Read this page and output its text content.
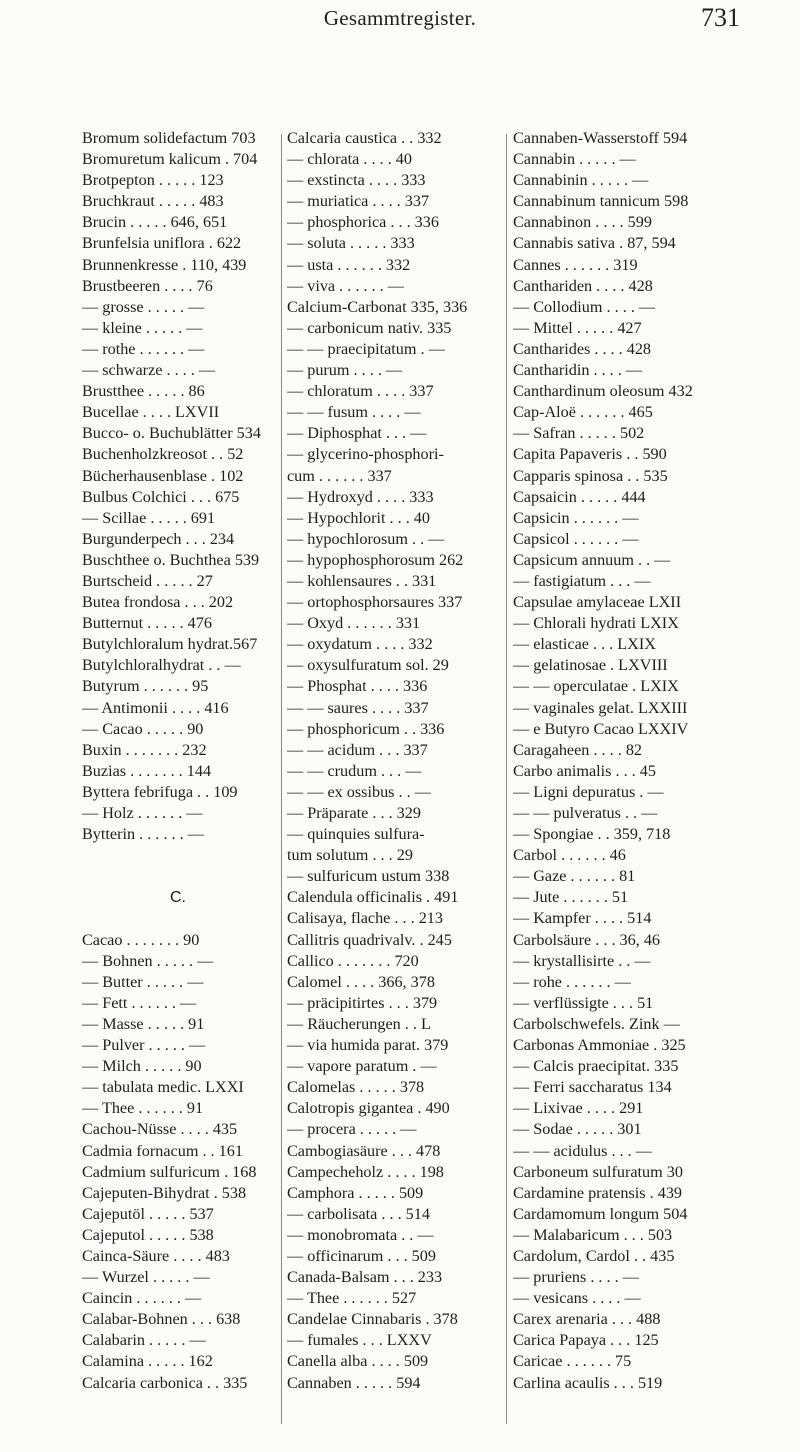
Gesammtregister.	731
Bromum solidefactum 703
Bromuretum kalicum . 704
Brotpepton . . . . . 123
Bruchkraut . . . . . 483
Brucin . . . . . 646, 651
Brunfelsia uniflora . 622
Brunnenkresse . 110, 439
Brustbeeren . . . . 76
— grosse . . . . . —
— kleine . . . . . —
— rothe . . . . . . —
— schwarze . . . . —
Brustthee . . . . . 86
Bucellae . . . . LXVII
Bucco- o. Buchublätter 534
Buchenholzkreosot . . 52
Bücherhausenblase . 102
Bulbus Colchici . . . 675
— Scillae . . . . . 691
Burgunderpech . . . 234
Buschthee o. Buchthea 539
Burtscheid . . . . . 27
Butea frondosa . . . 202
Butternut . . . . . 476
Butylchloralum hydrat.567
Butylchloralhydrat . . —
Butyrum . . . . . . 95
— Antimonii . . . . 416
— Cacao . . . . . 90
Buxin . . . . . . . 232
Buzias . . . . . . . 144
Byttera febrifuga . . 109
— Holz . . . . . . —
Bytterin . . . . . . —
C.
Cacao . . . . . . . 90
— Bohnen . . . . . —
— Butter . . . . . —
— Fett . . . . . . —
— Masse . . . . . 91
— Pulver . . . . . —
— Milch . . . . . 90
— tabulata medic. LXXI
— Thee . . . . . . 91
Cachou-Nüsse . . . . 435
Cadmia fornacum . . 161
Cadmium sulfuricum . 168
Cajeputen-Bihydrat . 538
Cajeputöl . . . . . 537
Cajeputol . . . . . 538
Cainca-Säure . . . . 483
— Wurzel . . . . . —
Caincin . . . . . . —
Calabar-Bohnen . . . 638
Calabarin . . . . . —
Calamina . . . . . 162
Calcaria carbonica . . 335
Calcaria caustica . . 332
— chlorata . . . . 40
— exstincta . . . . 333
— muriatica . . . . 337
— phosphorica . . . 336
— soluta . . . . . 333
— usta . . . . . . 332
— viva . . . . . . —
Calcium-Carbonat 335, 336
— carbonicum nativ. 335
— — praecipitatum . —
— purum . . . . —
— chloratum . . . . 337
— — fusum . . . . —
— Diphosphat . . . —
— glycerino-phosphori-
cum . . . . . . 337
— Hydroxyd . . . . 333
— Hypochlorit . . . 40
— hypochlorosum . . —
— hypophosphorosum 262
— kohlensaures . . 331
— ortophosphorsaures 337
— Oxyd . . . . . . 331
— oxydatum . . . . 332
— oxysulfuratum sol. 29
— Phosphat . . . . 336
— — saures . . . . 337
— phosphoricum . . 336
— — acidum . . . 337
— — crudum . . . —
— — ex ossibus . . —
— Präparate . . . 329
— quinquies sulfura-
tum solutum . . . 29
— sulfuricum ustum 338
Calendula officinalis . 491
Calisaya, flache . . . 213
Callitris quadrivalv. . 245
Callico . . . . . . . 720
Calomel . . . . 366, 378
— präcipitirtes . . . 379
— Räucherungen . . L
— via humida parat. 379
— vapore paratum . —
Calomelas . . . . . 378
Calotropis gigantea . 490
— procera . . . . . —
Cambogiasäure . . . 478
Campecheholz . . . . 198
Camphora . . . . . 509
— carbolisata . . . 514
— monobromata . . —
— officinarum . . . 509
Canada-Balsam . . . 233
— Thee . . . . . . 527
Candelae Cinnabaris . 378
— fumales . . . LXXV
Canella alba . . . . 509
Cannaben . . . . . 594
Cannaben-Wasserstoff 594
Cannabin . . . . . —
Cannabinin . . . . . —
Cannabinum tannicum 598
Cannabinon . . . . 599
Cannabis sativa . 87, 594
Cannes . . . . . . 319
Canthariden . . . . 428
— Collodium . . . . —
— Mittel . . . . . 427
Cantharides . . . . 428
Cantharidin . . . . —
Canthardinum oleosum 432
Cap-Aloë . . . . . . 465
— Safran . . . . . 502
Capita Papaveris . . 590
Capparis spinosa . . 535
Capsaicin . . . . . 444
Capsicin . . . . . . —
Capsicol . . . . . . —
Capsicum annuum . . —
— fastigiatum . . . —
Capsulae amylaceae LXII
— Chlorali hydrati LXIX
— elasticae . . . LXIX
— gelatinosae . LXVIII
— — operculatae . LXIX
— vaginales gelat. LXXIII
— e Butyro Cacao LXXIV
Caragaheen . . . . 82
Carbo animalis . . . 45
— Ligni depuratus . —
— — pulveratus . . —
— Spongiae . . 359, 718
Carbol . . . . . . 46
— Gaze . . . . . . 81
— Jute . . . . . . 51
— Kampfer . . . . 514
Carbolsäure . . . 36, 46
— krystallisirte . . —
— rohe . . . . . . —
— verflüssigte . . . 51
Carbolschwefels. Zink —
Carbonas Ammoniae . 325
— Calcis praecipitat. 335
— Ferri saccharatus 134
— Lixivae . . . . 291
— Sodae . . . . . 301
— — acidulus . . . —
Carboneum sulfuratum 30
Cardamine pratensis . 439
Cardamomum longum 504
— Malabaricum . . . 503
Cardolum, Cardol . . 435
— pruriens . . . . —
— vesicans . . . . —
Carex arenaria . . . 488
Carica Papaya . . . 125
Caricae . . . . . . 75
Carlina acaulis . . . 519
